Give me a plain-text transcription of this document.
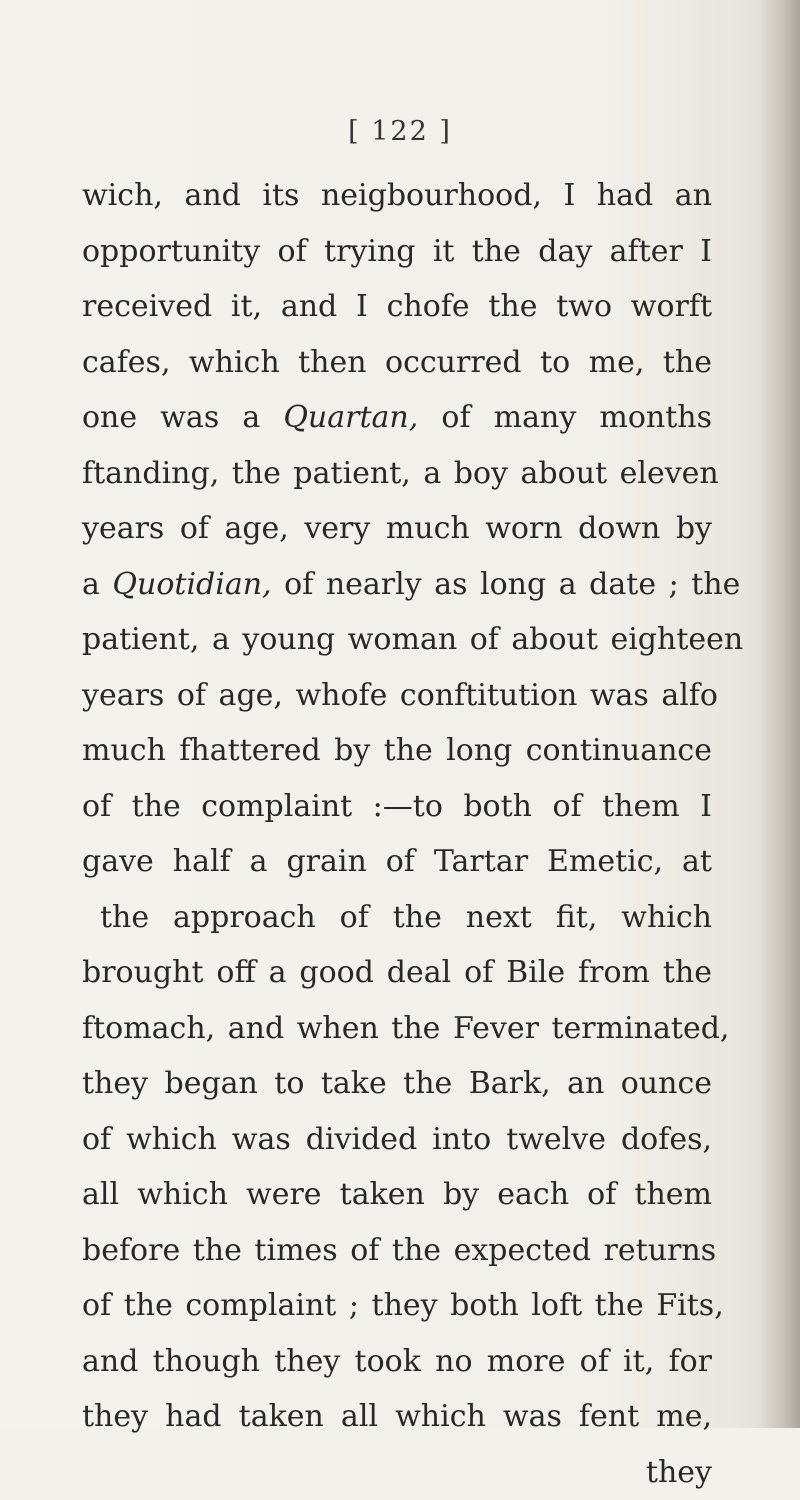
[ 122 ]
wich, and its neigbourhood, I had an
opportunity of trying it the day after I
received it, and I chofe the two worft
cafes, which then occurred to me, the
one was a Quartan, of many months
ftanding, the patient, a boy about eleven
years of age, very much worn down by
a Quotidian, of nearly as long a date ; the
patient, a young woman of about eighteen
years of age, whofe conftitution was alfo
much fhattered by the long continuance
of the complaint :—to both of them I
gave half a grain of Tartar Emetic, at
the approach of the next fit, which
brought off a good deal of Bile from the
ftomach, and when the Fever terminated,
they began to take the Bark, an ounce
of which was divided into twelve dofes,
all which were taken by each of them
before the times of the expected returns
of the complaint ; they both loft the Fits,
and though they took no more of it, for
they had taken all which was fent me,
they
